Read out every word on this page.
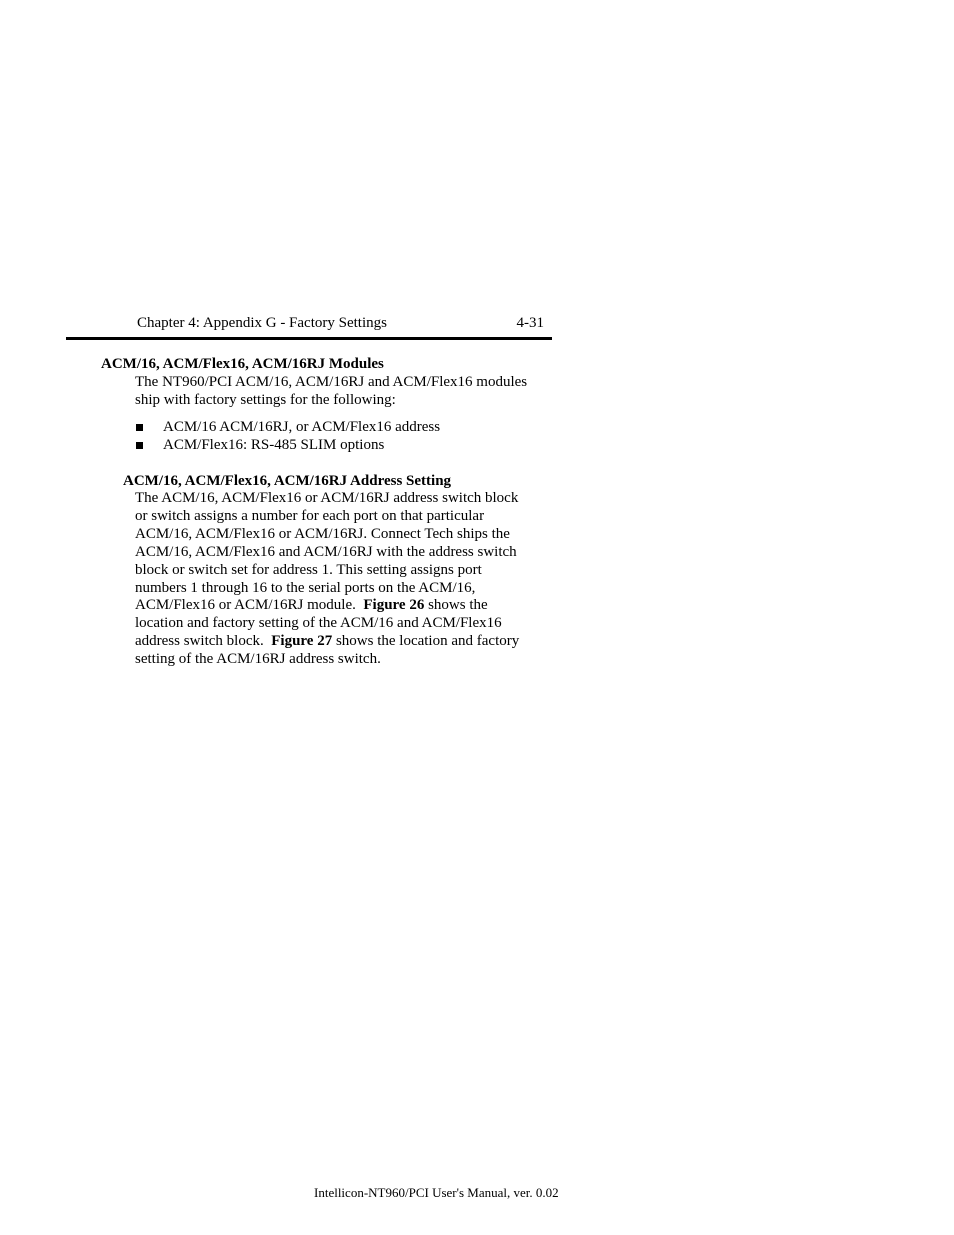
Chapter 4: Appendix G - Factory Settings	4-31
ACM/16, ACM/Flex16, ACM/16RJ Modules
The NT960/PCI ACM/16, ACM/16RJ and ACM/Flex16 modules
ship with factory settings for the following:
ACM/16 ACM/16RJ, or ACM/Flex16 address
ACM/Flex16: RS-485 SLIM options
ACM/16, ACM/Flex16, ACM/16RJ Address Setting
The ACM/16, ACM/Flex16 or ACM/16RJ address switch block
or switch assigns a number for each port on that particular
ACM/16, ACM/Flex16 or ACM/16RJ. Connect Tech ships the
ACM/16, ACM/Flex16 and ACM/16RJ with the address switch
block or switch set for address 1. This setting assigns port
numbers 1 through 16 to the serial ports on the ACM/16,
ACM/Flex16 or ACM/16RJ module.  Figure 26 shows the
location and factory setting of the ACM/16 and ACM/Flex16
address switch block.  Figure 27 shows the location and factory
setting of the ACM/16RJ address switch.
Intellicon-NT960/PCI User's Manual, ver. 0.02
